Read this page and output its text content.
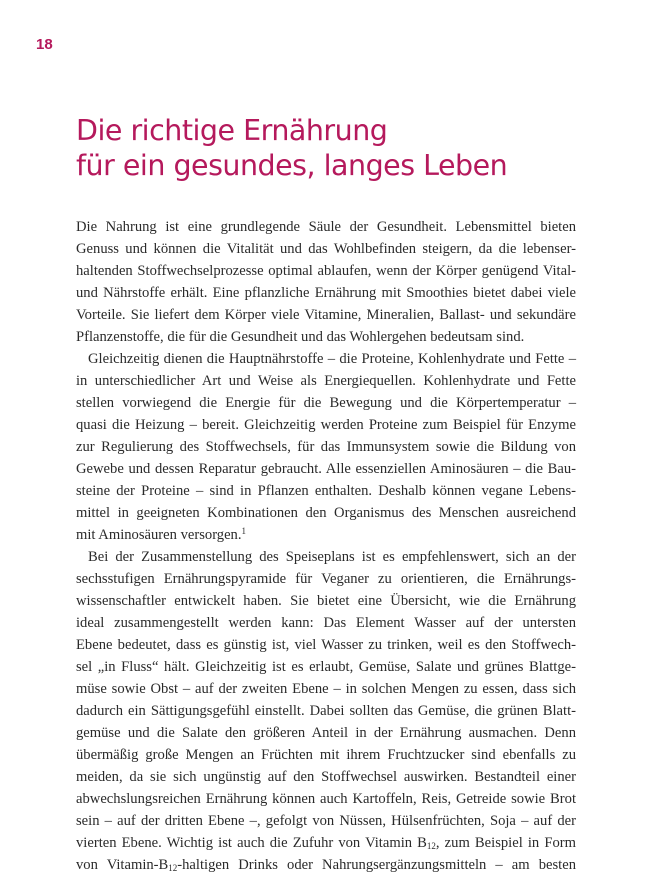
18
Die richtige Ernährung
für ein gesundes, langes Leben
Die Nahrung ist eine grundlegende Säule der Gesundheit. Lebensmittel bieten
Genuss und können die Vitalität und das Wohlbefinden steigern, da die lebenser-
haltenden Stoffwechselprozesse optimal ablaufen, wenn der Körper genügend Vital-
und Nährstoffe erhält. Eine pflanzliche Ernährung mit Smoothies bietet dabei viele
Vorteile. Sie liefert dem Körper viele Vitamine, Mineralien, Ballast- und sekundäre
Pflanzenstoffe, die für die Gesundheit und das Wohlergehen bedeutsam sind.
Gleichzeitig dienen die Hauptnährstoffe – die Proteine, Kohlenhydrate und Fette –
in unterschiedlicher Art und Weise als Energiequellen. Kohlenhydrate und Fette
stellen vorwiegend die Energie für die Bewegung und die Körpertemperatur –
quasi die Heizung – bereit. Gleichzeitig werden Proteine zum Beispiel für Enzyme
zur Regulierung des Stoffwechsels, für das Immunsystem sowie die Bildung von
Gewebe und dessen Reparatur gebraucht. Alle essenziellen Aminosäuren – die Bau-
steine der Proteine – sind in Pflanzen enthalten. Deshalb können vegane Lebens-
mittel in geeigneten Kombinationen den Organismus des Menschen ausreichend
mit Aminosäuren versorgen.$^1$
Bei der Zusammenstellung des Speiseplans ist es empfehlenswert, sich an der
sechsstufigen Ernährungspyramide für Veganer zu orientieren, die Ernährungs-
wissenschaftler entwickelt haben. Sie bietet eine Übersicht, wie die Ernährung
ideal zusammengestellt werden kann: Das Element Wasser auf der untersten
Ebene bedeutet, dass es günstig ist, viel Wasser zu trinken, weil es den Stoffwech-
sel „in Fluss“ hält. Gleichzeitig ist es erlaubt, Gemüse, Salate und grünes Blattge-
müse sowie Obst – auf der zweiten Ebene – in solchen Mengen zu essen, dass sich
dadurch ein Sättigungsgefühl einstellt. Dabei sollten das Gemüse, die grünen Blatt-
gemüse und die Salate den größeren Anteil in der Ernährung ausmachen. Denn
übermäßig große Mengen an Früchten mit ihrem Fruchtzucker sind ebenfalls zu
meiden, da sie sich ungünstig auf den Stoffwechsel auswirken. Bestandteil einer
abwechslungsreichen Ernährung können auch Kartoffeln, Reis, Getreide sowie Brot
sein – auf der dritten Ebene –, gefolgt von Nüssen, Hülsenfrüchten, Soja – auf der
vierten Ebene. Wichtig ist auch die Zufuhr von Vitamin $B_{12}$, zum Beispiel in Form
von Vitamin-$B_{12}$-haltigen Drinks oder Nahrungsergänzungsmitteln – am besten
